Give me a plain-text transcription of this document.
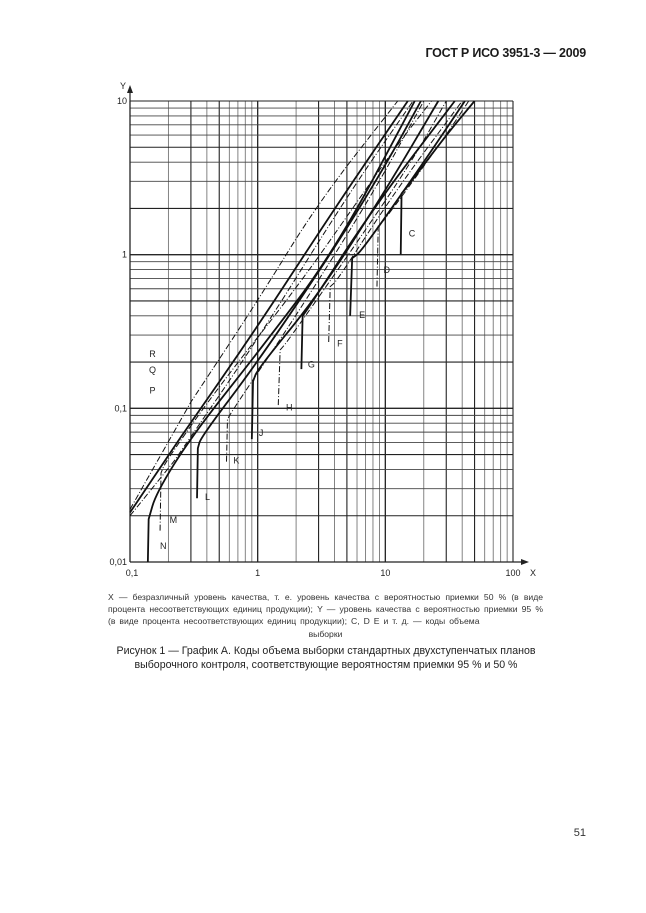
ГОСТ Р ИСО 3951-3 — 2009
0,1	1	10	100
0,01
0,1
1
10
X
Y
R
Q
P
N
M
L
K
J
H
G
F
E
D
C
X — безразличный уровень качества, т. е. уровень качества с вероятностью приемки 50 % (в виде процента несоответствующих единиц продукции); Y — уровень качества с вероятностью приемки 95 % (в виде процента несоответствующих единиц продукции); C, D E и т. д. — коды объема
выборки
Рисунок 1 — График А. Коды объема выборки стандартных двухступенчатых планов
выборочного контроля, соответствующие вероятностям приемки 95 % и 50 %
51
